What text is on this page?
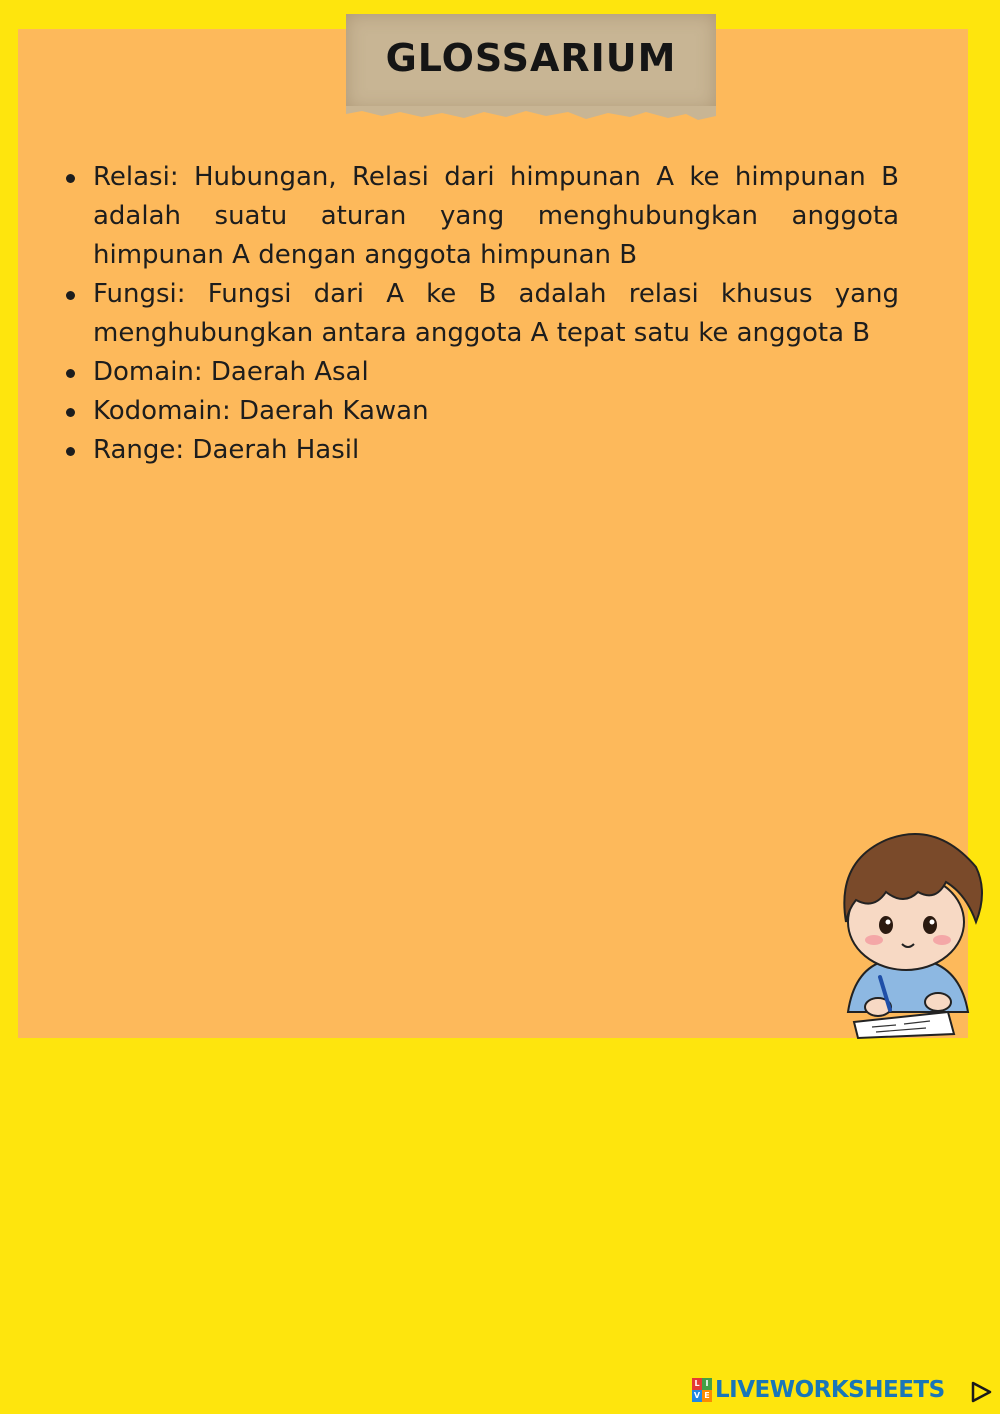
GLOSSARIUM
Relasi: Hubungan, Relasi dari himpunan A ke himpunan B adalah suatu aturan yang menghubungkan anggota himpunan A dengan anggota himpunan B
Fungsi: Fungsi dari A ke B adalah relasi khusus yang menghubungkan antara anggota A tepat satu ke anggota B
Domain: Daerah Asal
Kodomain: Daerah Kawan
Range: Daerah Hasil
L I
V E LIVEWORKSHEETS
